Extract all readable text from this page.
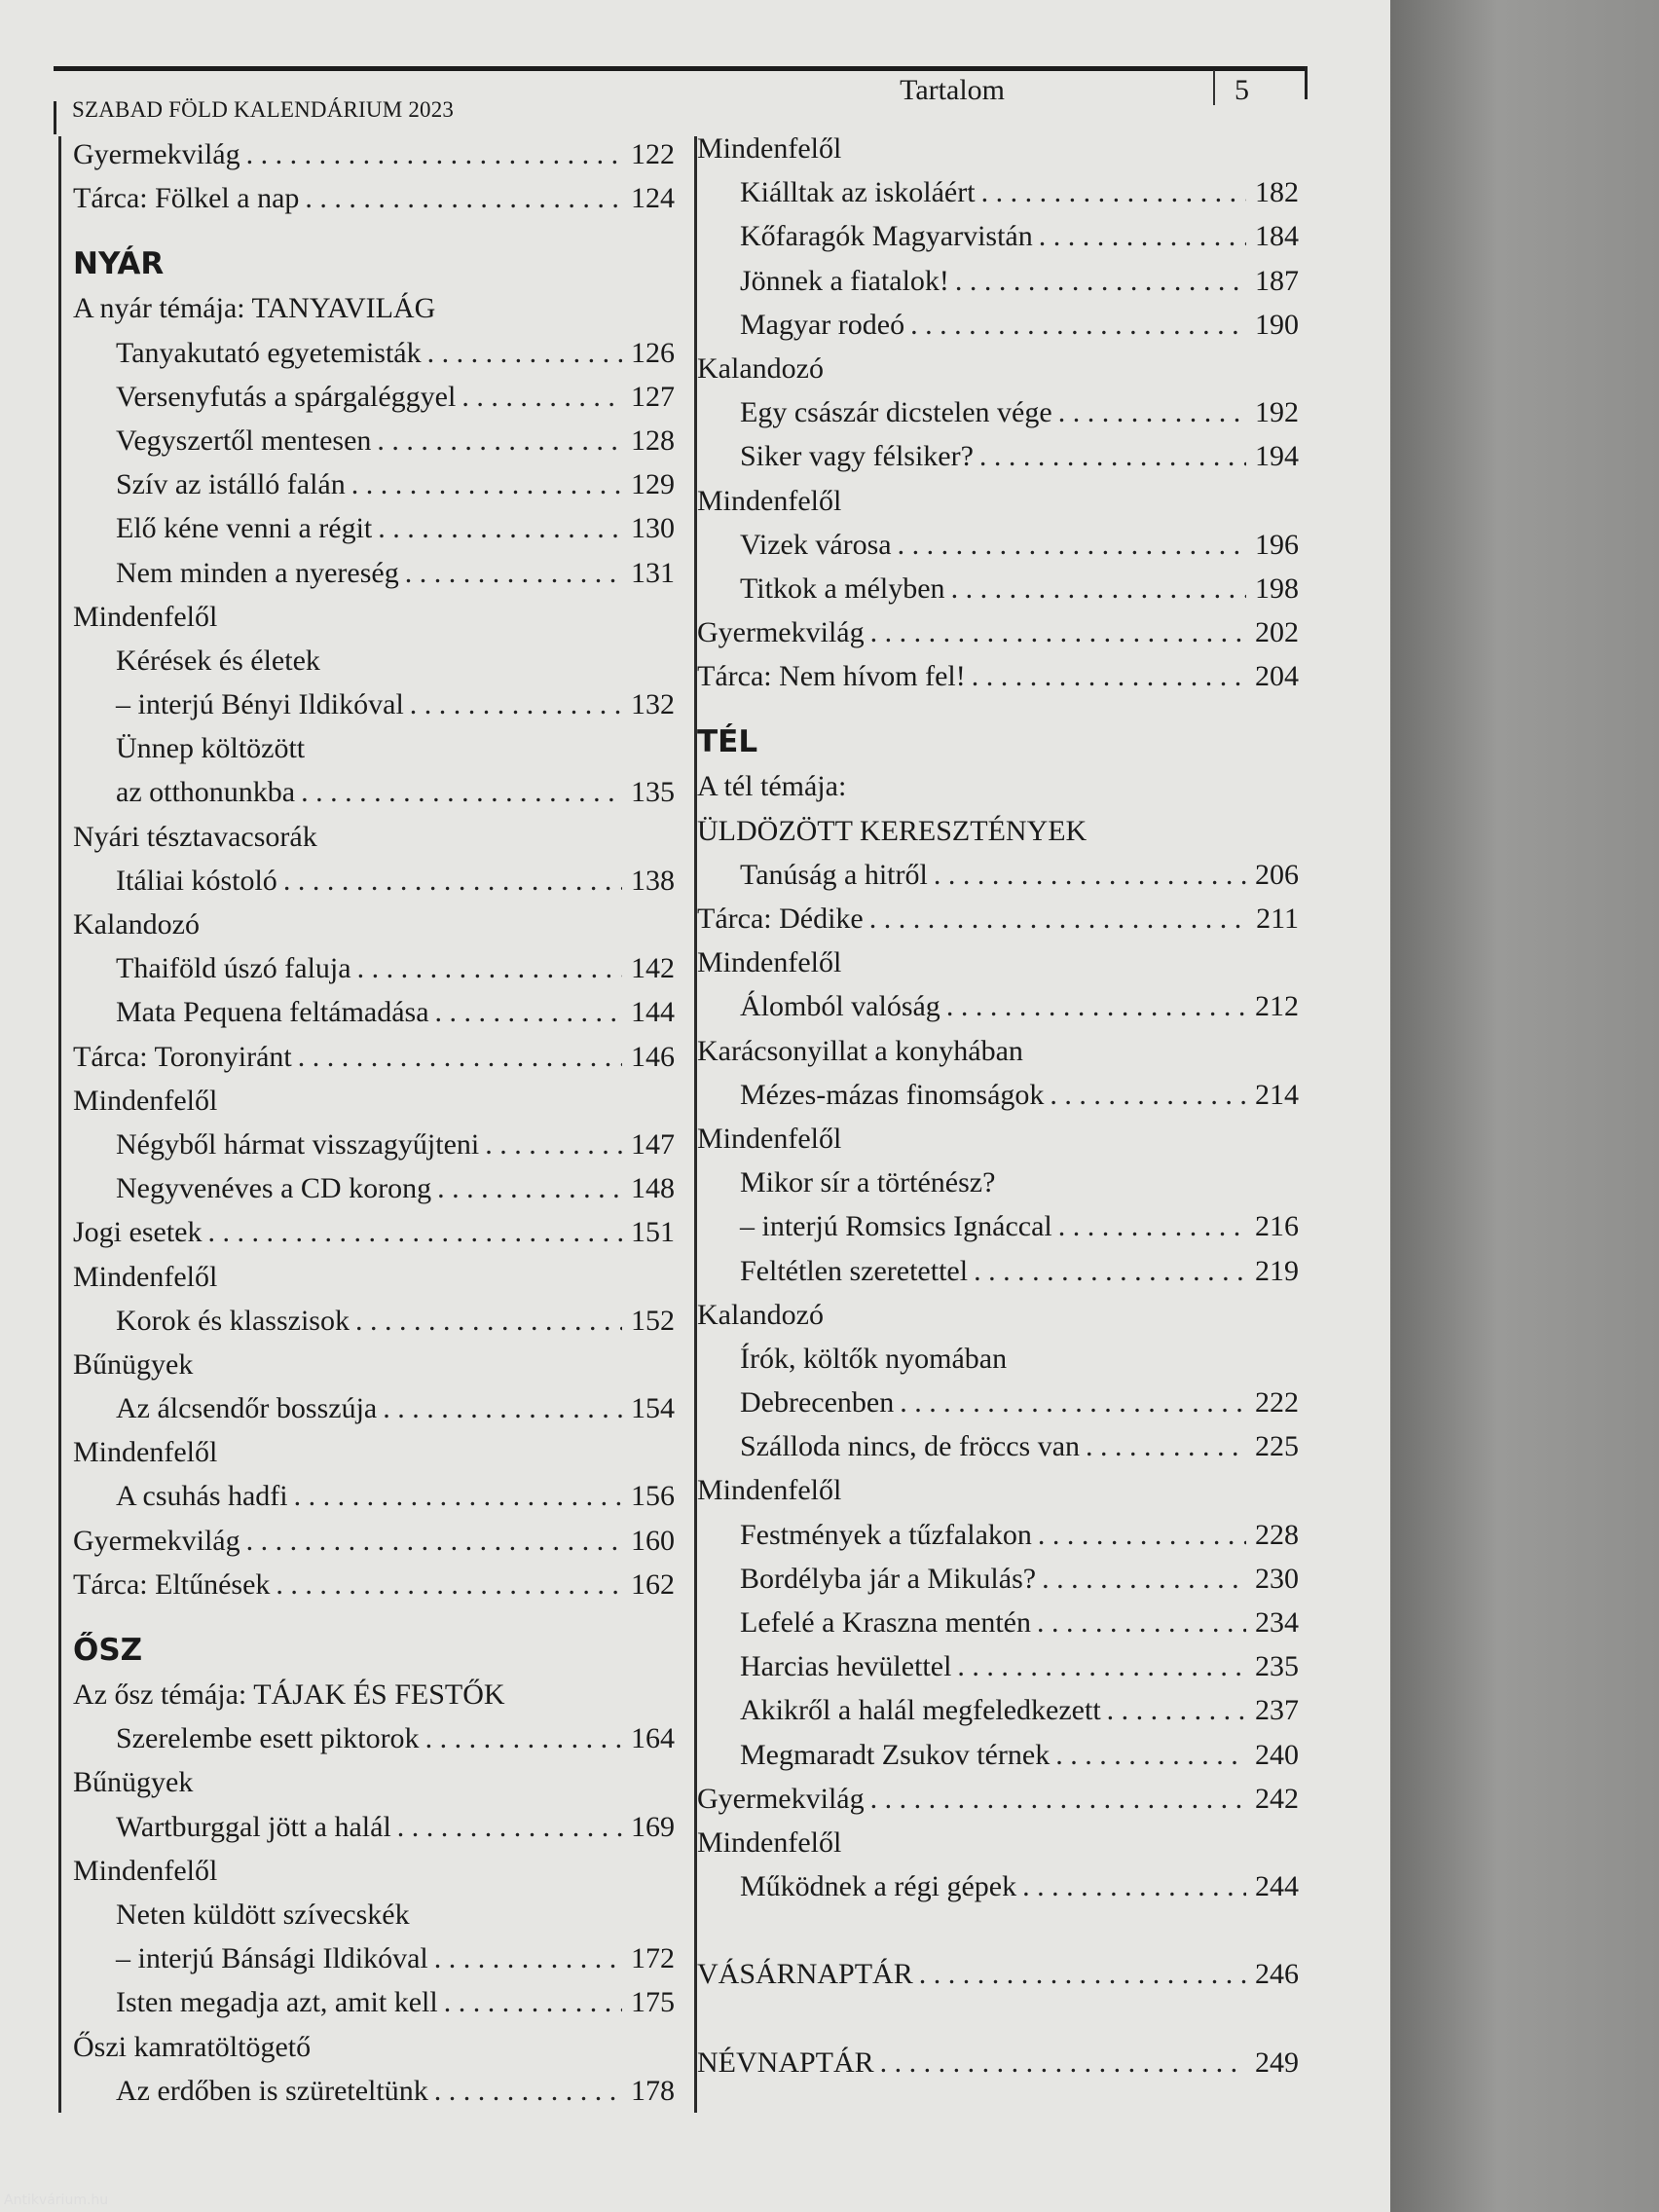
SZABAD FÖLD KALENDÁRIUM 2023
Tartalom	5
Gyermekvilág . . .	122
Tárca: Fölkel a nap . . .	124
NYÁR
A nyár témája: TANYAVILÁG
Tanyakutató egyetemisták . . .	126
Versenyfutás a spárgaléggyel . . .	127
Vegyszertől mentesen . . .	128
Szív az istálló falán . . .	129
Elő kéne venni a régit . . .	130
Nem minden a nyereség . . .	131
Mindenfelől
Kérések és életek
– interjú Bényi Ildikóval . . .	132
Ünnep költözött
az otthonunkba . . .	135
Nyári tésztavacsorák
Itáliai kóstoló . . .	138
Kalandozó
Thaiföld úszó faluja . . .	142
Mata Pequena feltámadása . . .	144
Tárca: Toronyiránt . . .	146
Mindenfelől
Négyből hármat visszagyűjteni . . .	147
Negyvenéves a CD korong . . .	148
Jogi esetek . . .	151
Mindenfelől
Korok és klasszisok . . .	152
Bűnügyek
Az álcsendőr bosszúja . . .	154
Mindenfelől
A csuhás hadfi . . .	156
Gyermekvilág . . .	160
Tárca: Eltűnések . . .	162
ŐSZ
Az ősz témája: TÁJAK ÉS FESTŐK
Szerelembe esett piktorok . . .	164
Bűnügyek
Wartburggal jött a halál . . .	169
Mindenfelől
Neten küldött szívecskék
– interjú Bánsági Ildikóval . . .	172
Isten megadja azt, amit kell . . .	175
Őszi kamratöltögető
Az erdőben is szüreteltünk . . .	178
Mindenfelől
Kiálltak az iskoláért . . .	182
Kőfaragók Magyarvistán . . .	184
Jönnek a fiatalok! . . .	187
Magyar rodeó . . .	190
Kalandozó
Egy császár dicstelen vége . . .	192
Siker vagy félsiker? . . .	194
Mindenfelől
Vizek városa . . .	196
Titkok a mélyben . . .	198
Gyermekvilág . . .	202
Tárca: Nem hívom fel! . . .	204
TÉL
A tél témája:
ÜLDÖZÖTT KERESZTÉNYEK
Tanúság a hitről . . .	206
Tárca: Dédike . . .	211
Mindenfelől
Álomból valóság . . .	212
Karácsonyillat a konyhában
Mézes-mázas finomságok . . .	214
Mindenfelől
Mikor sír a történész?
– interjú Romsics Ignáccal . . .	216
Feltétlen szeretettel . . .	219
Kalandozó
Írók, költők nyomában
Debrecenben . . .	222
Szálloda nincs, de fröccs van . . .	225
Mindenfelől
Festmények a tűzfalakon . . .	228
Bordélyba jár a Mikulás? . . .	230
Lefelé a Kraszna mentén . . .	234
Harcias hevülettel . . .	235
Akikről a halál megfeledkezett . . .	237
Megmaradt Zsukov térnek . . .	240
Gyermekvilág . . .	242
Mindenfelől
Működnek a régi gépek . . .	244
VÁSÁRNAPTÁR . . .	246
NÉVNAPTÁR . . .	249
Antikvárium.hu
